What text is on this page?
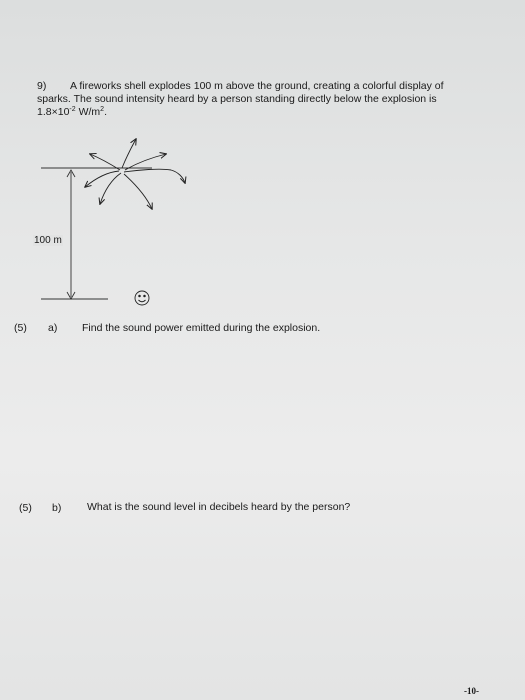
9) A fireworks shell explodes 100 m above the ground, creating a colorful display of
sparks. The sound intensity heard by a person standing directly below the explosion is
$1.8\times 10^{-2}$ $W/m^2$.
100 m
(5) a) Find the sound power emitted during the explosion.
(5) b) What is the sound level in decibels heard by the person?
-10-
